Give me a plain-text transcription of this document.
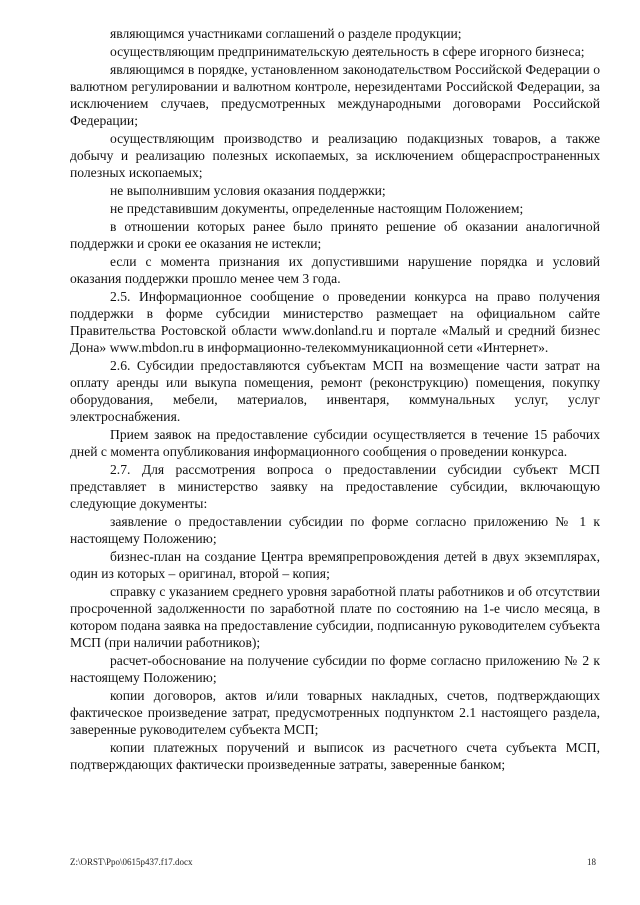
являющимся участниками соглашений о разделе продукции;

осуществляющим предпринимательскую деятельность в сфере игорного бизнеса;

являющимся в порядке, установленном законодательством Российской Федерации о валютном регулировании и валютном контроле, нерезидентами Российской Федерации, за исключением случаев, предусмотренных международными договорами Российской Федерации;

осуществляющим производство и реализацию подакцизных товаров, а также добычу и реализацию полезных ископаемых, за исключением общераспространенных полезных ископаемых;

не выполнившим условия оказания поддержки;

не представившим документы, определенные настоящим Положением;

в отношении которых ранее было принято решение об оказании аналогичной поддержки и сроки ее оказания не истекли;

если с момента признания их допустившими нарушение порядка и условий оказания поддержки прошло менее чем 3 года.

2.5. Информационное сообщение о проведении конкурса на право получения поддержки в форме субсидии министерство размещает на официальном сайте Правительства Ростовской области www.donland.ru и портале «Малый и средний бизнес Дона» www.mbdon.ru в информационно-телекоммуникационной сети «Интернет».

2.6. Субсидии предоставляются субъектам МСП на возмещение части затрат на оплату аренды или выкупа помещения, ремонт (реконструкцию) помещения, покупку оборудования, мебели, материалов, инвентаря, коммунальных услуг, услуг электроснабжения.

Прием заявок на предоставление субсидии осуществляется в течение 15 рабочих дней с момента опубликования информационного сообщения о проведении конкурса.

2.7. Для рассмотрения вопроса о предоставлении субсидии субъект МСП представляет в министерство заявку на предоставление субсидии, включающую следующие документы:

заявление о предоставлении субсидии по форме согласно приложению № 1 к настоящему Положению;

бизнес-план на создание Центра времяпрепровождения детей в двух экземплярах, один из которых – оригинал, второй – копия;

справку с указанием среднего уровня заработной платы работников и об отсутствии просроченной задолженности по заработной плате по состоянию на 1-е число месяца, в котором подана заявка на предоставление субсидии, подписанную руководителем субъекта МСП (при наличии работников);

расчет-обоснование на получение субсидии по форме согласно приложению № 2 к настоящему Положению;

копии договоров, актов и/или товарных накладных, счетов, подтверждающих фактическое произведение затрат, предусмотренных подпунктом 2.1 настоящего раздела, заверенные руководителем субъекта МСП;

копии платежных поручений и выписок из расчетного счета субъекта МСП, подтверждающих фактически произведенные затраты, заверенные банком;

Z:\ORST\Ppo\0615p437.f17.docx	18
